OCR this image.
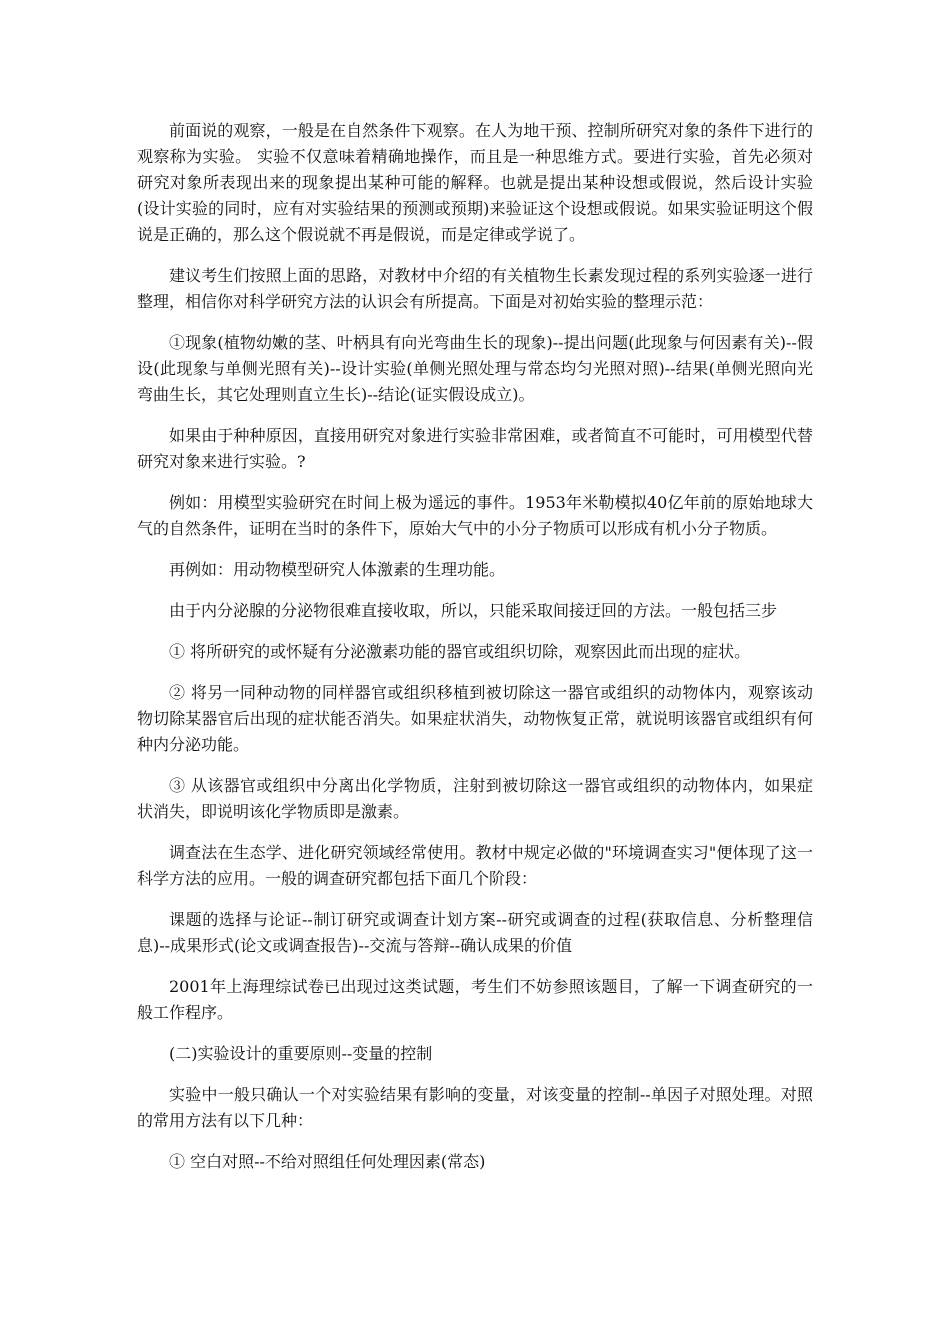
前面说的观察，一般是在自然条件下观察。在人为地干预、控制所研究对象的条件下进行的观察称为实验。 实验不仅意味着精确地操作，而且是一种思维方式。要进行实验，首先必须对研究对象所表现出来的现象提出某种可能的解释。也就是提出某种设想或假说，然后设计实验(设计实验的同时，应有对实验结果的预测或预期)来验证这个设想或假说。如果实验证明这个假说是正确的，那么这个假说就不再是假说，而是定律或学说了。

建议考生们按照上面的思路，对教材中介绍的有关植物生长素发现过程的系列实验逐一进行整理，相信你对科学研究方法的认识会有所提高。下面是对初始实验的整理示范：

①现象(植物幼嫩的茎、叶柄具有向光弯曲生长的现象)--提出问题(此现象与何因素有关)--假设(此现象与单侧光照有关)--设计实验(单侧光照处理与常态均匀光照对照)--结果(单侧光照向光弯曲生长，其它处理则直立生长)--结论(证实假设成立)。

如果由于种种原因，直接用研究对象进行实验非常困难，或者简直不可能时，可用模型代替研究对象来进行实验。?

例如：用模型实验研究在时间上极为遥远的事件。1953年米勒模拟40亿年前的原始地球大气的自然条件，证明在当时的条件下，原始大气中的小分子物质可以形成有机小分子物质。

再例如：用动物模型研究人体激素的生理功能。

由于内分泌腺的分泌物很难直接收取，所以，只能采取间接迂回的方法。一般包括三步

① 将所研究的或怀疑有分泌激素功能的器官或组织切除，观察因此而出现的症状。

② 将另一同种动物的同样器官或组织移植到被切除这一器官或组织的动物体内，观察该动物切除某器官后出现的症状能否消失。如果症状消失，动物恢复正常，就说明该器官或组织有何种内分泌功能。

③ 从该器官或组织中分离出化学物质，注射到被切除这一器官或组织的动物体内，如果症状消失，即说明该化学物质即是激素。

调查法在生态学、进化研究领域经常使用。教材中规定必做的"环境调查实习"便体现了这一科学方法的应用。一般的调查研究都包括下面几个阶段：

课题的选择与论证--制订研究或调查计划方案--研究或调查的过程(获取信息、分析整理信息)--成果形式(论文或调查报告)--交流与答辩--确认成果的价值

2001年上海理综试卷已出现过这类试题，考生们不妨参照该题目，了解一下调查研究的一般工作程序。

(二)实验设计的重要原则--变量的控制

实验中一般只确认一个对实验结果有影响的变量，对该变量的控制--单因子对照处理。对照的常用方法有以下几种：

① 空白对照--不给对照组任何处理因素(常态)
